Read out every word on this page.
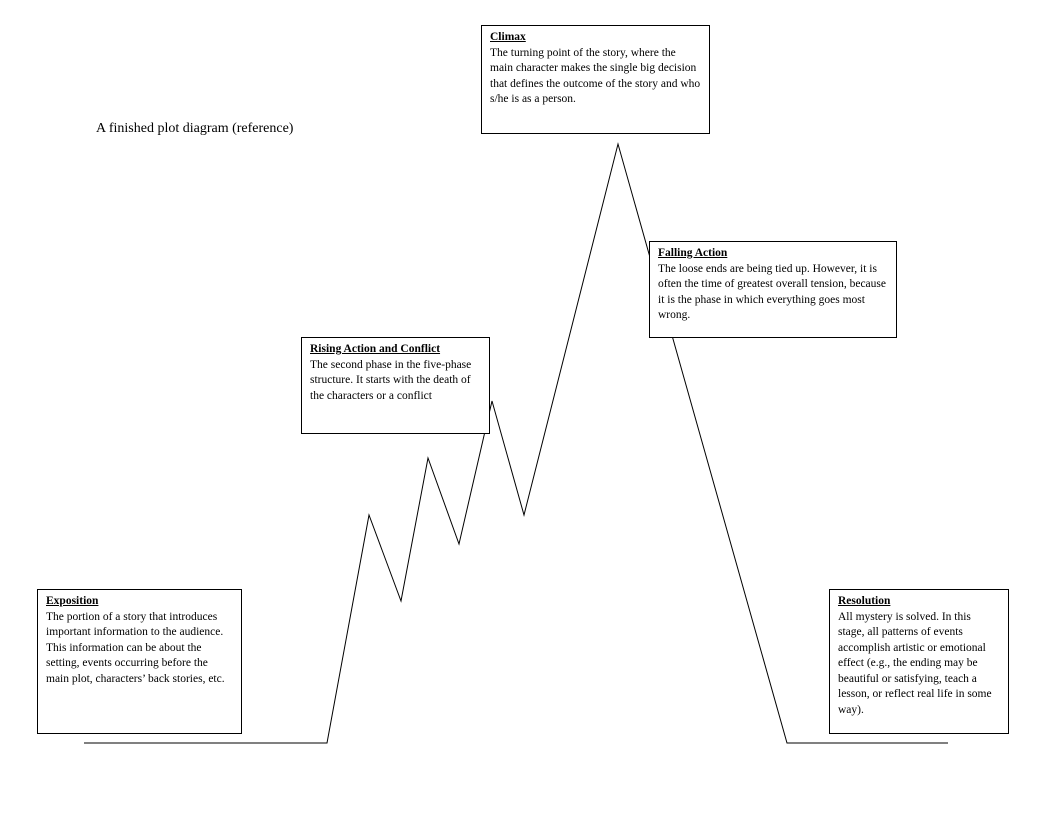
A finished plot diagram (reference)
Exposition
The portion of a story that introduces important information to the audience. This information can be about the setting, events occurring before the main plot, characters’ back stories, etc.
Rising Action and Conflict
The second phase in the five-phase structure. It starts with the death of the characters or a conflict
Climax
The turning point of the story, where the main character makes the single big decision that defines the outcome of the story and who s/he is as a person.
Falling Action
The loose ends are being tied up. However, it is often the time of greatest overall tension, because it is the phase in which everything goes most wrong.
Resolution
All mystery is solved. In this stage, all patterns of events accomplish artistic or emotional effect (e.g., the ending may be beautiful or satisfying, teach a lesson, or reflect real life in some way).
